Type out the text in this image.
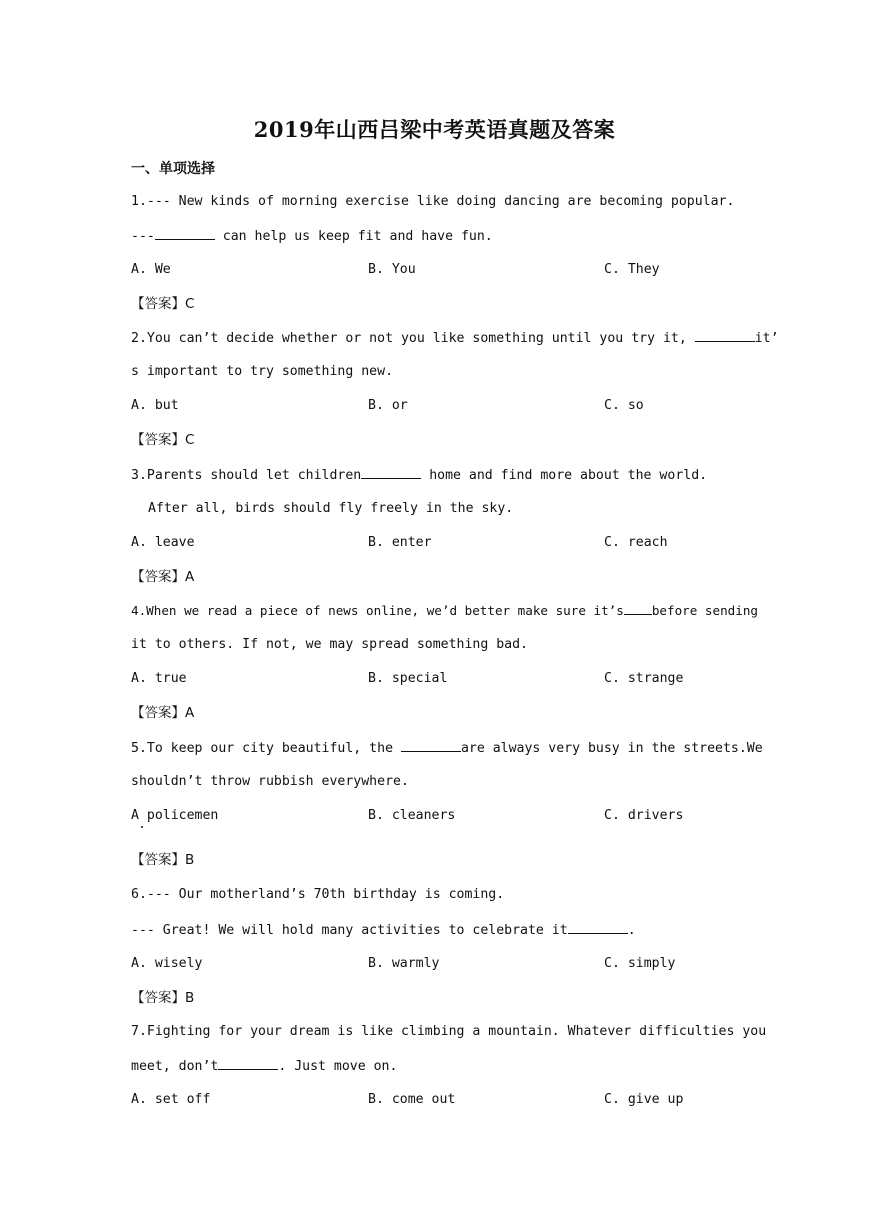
2019年山西吕梁中考英语真题及答案
一、单项选择
1.--- New kinds of morning exercise like doing dancing are becoming popular.
---	can help us keep fit and have fun.
A. We	B. You	C. They
【答案】C
2.You can’t decide whether or not you like something until you try it,	it’
s important to try something new.
A. but	B. or	C. so
【答案】C
3.Parents should let children	home and find more about the world.
After all, birds should fly freely in the sky.
A. leave	B. enter	C. reach
【答案】A
4.When we read a piece of news online, we’d better make sure it’s before sending
it to others. If not, we may spread something bad.
A. true	B. special	C. strange
【答案】A
5.To keep our city beautiful, the	are always very busy in the streets.We
shouldn’t throw rubbish everywhere.
A policemen	B. cleaners	C. drivers
【答案】B
6.--- Our motherland’s 70th birthday is coming.
--- Great! We will hold many activities to celebrate it	.
A. wisely	B. warmly	C. simply
【答案】B
7.Fighting for your dream is like climbing a mountain. Whatever difficulties you
meet, don’t	. Just move on.
A. set off	B. come out	C. give up
